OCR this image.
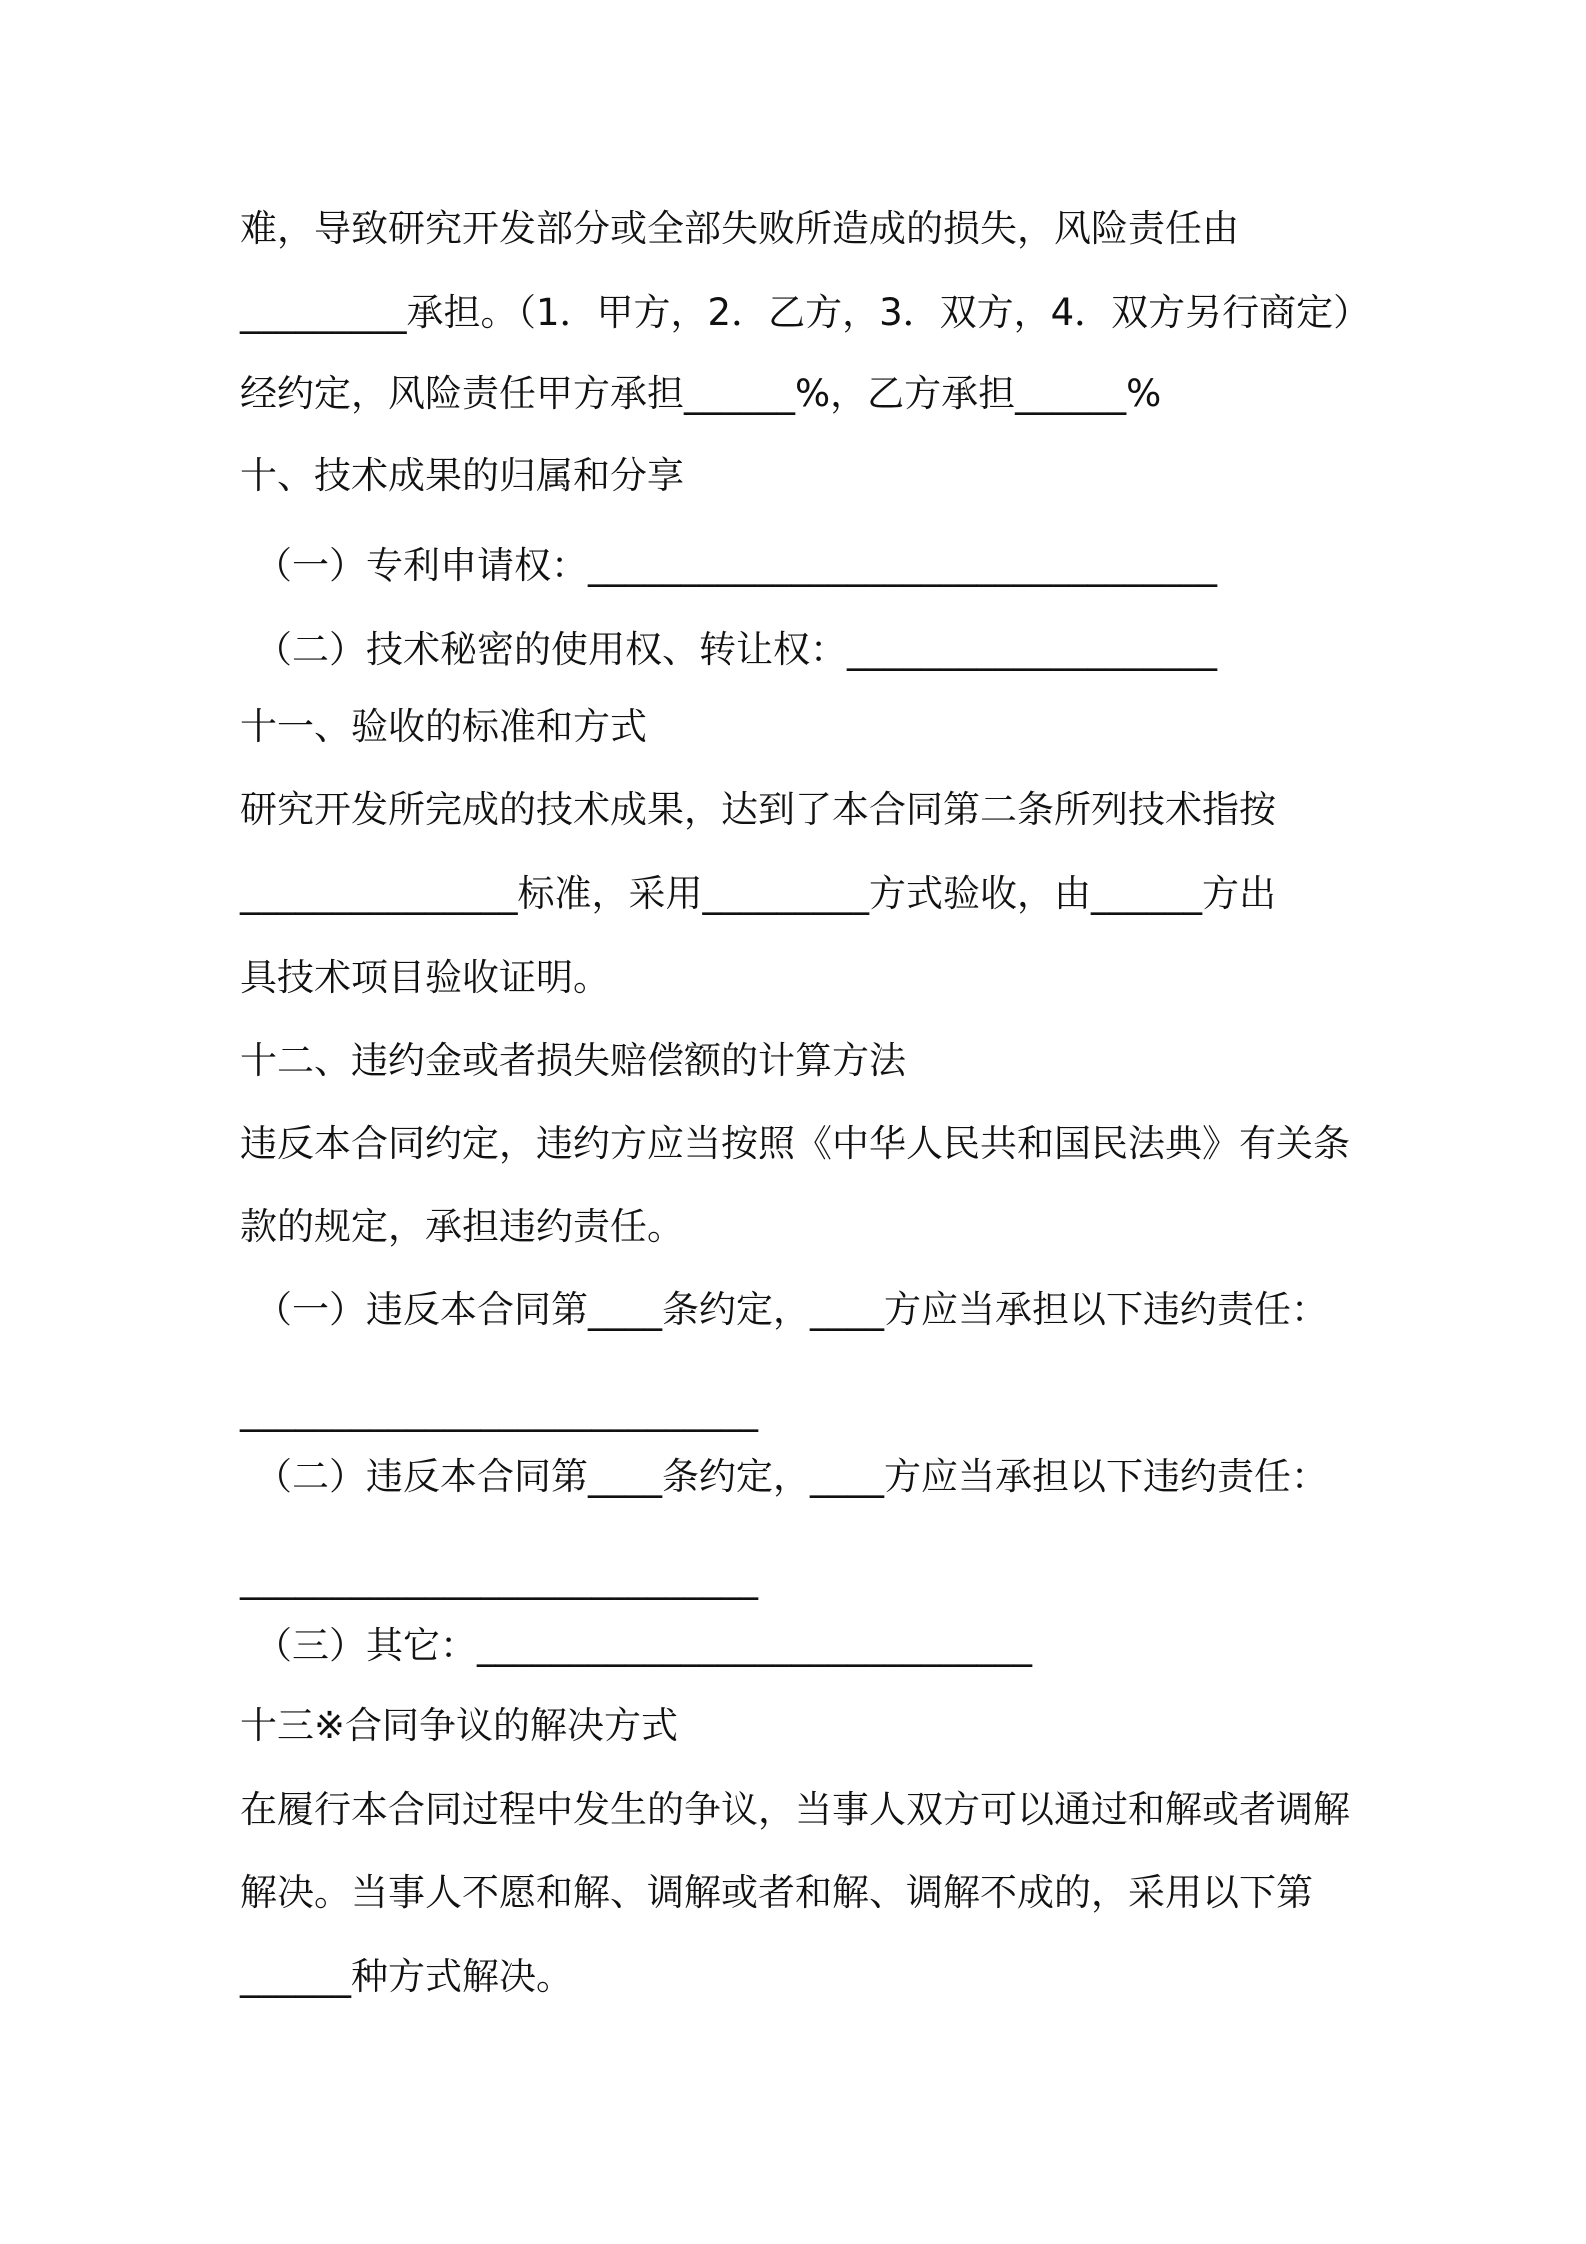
难，导致研究开发部分或全部失败所造成的损失，风险责任由

_________承担。（1．甲方，2．乙方，3．双方，4．双方另行商定）

经约定，风险责任甲方承担______%，乙方承担______%

十、技术成果的归属和分享

（一）专利申请权：__________________________________

（二）技术秘密的使用权、转让权：____________________

十一、验收的标准和方式

研究开发所完成的技术成果，达到了本合同第二条所列技术指按

_______________标准，采用_________方式验收，由______方出

具技术项目验收证明。

十二、违约金或者损失赔偿额的计算方法

违反本合同约定，违约方应当按照《中华人民共和国民法典》有关条

款的规定，承担违约责任。

（一）违反本合同第____条约定，____方应当承担以下违约责任：

____________________________

（二）违反本合同第____条约定，____方应当承担以下违约责任：

____________________________

（三）其它：______________________________

十三※合同争议的解决方式

在履行本合同过程中发生的争议，当事人双方可以通过和解或者调解

解决。当事人不愿和解、调解或者和解、调解不成的，采用以下第

______种方式解决。
